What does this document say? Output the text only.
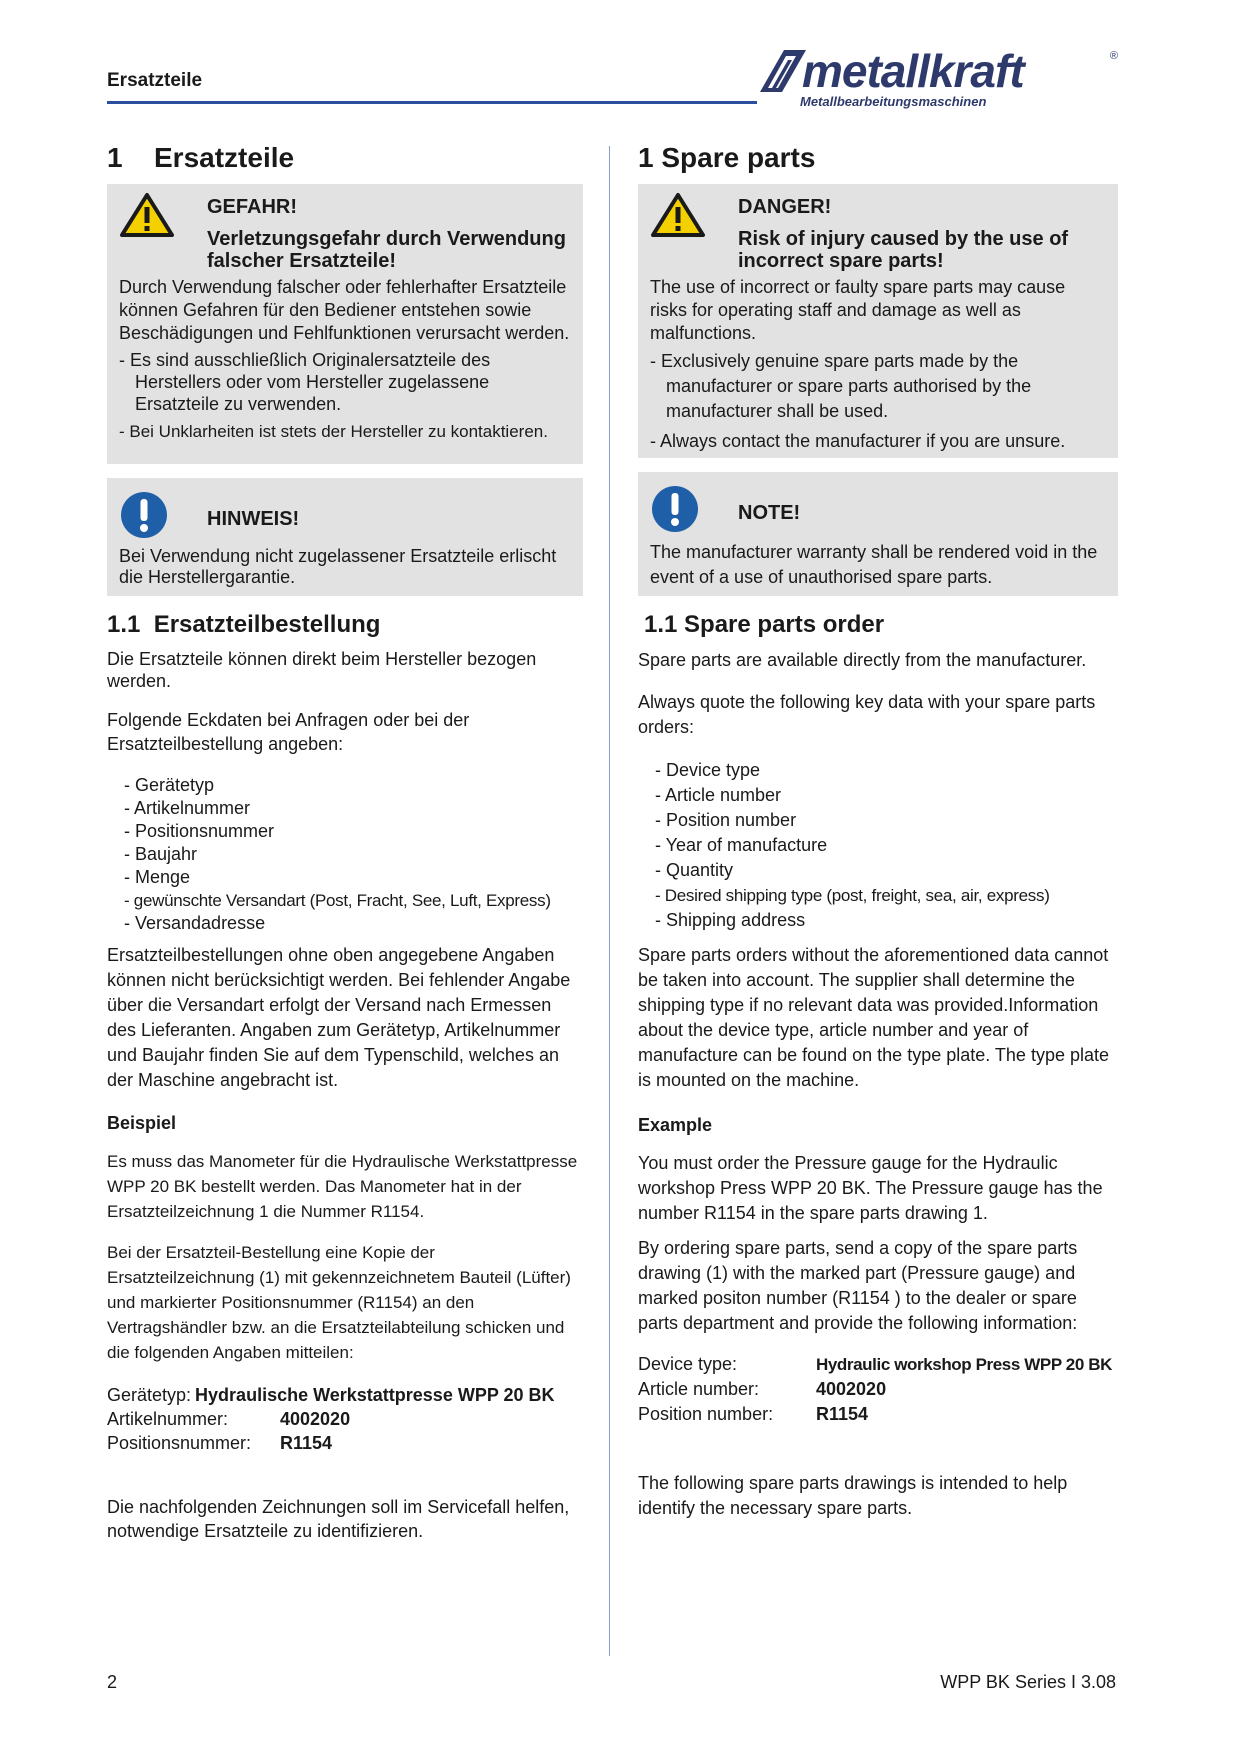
Ersatzteile	metallkraft	®
Metallbearbeitungsmaschinen
1 Ersatzteile
GEFAHR!
Verletzungsgefahr durch Verwendung falscher Ersatzteile!

Durch Verwendung falscher oder fehlerhafter Ersatzteile können Gefahren für den Bediener entstehen sowie Beschädigungen und Fehlfunktionen verursacht werden.

- Es sind ausschließlich Originalersatzteile des Herstellers oder vom Hersteller zugelassene Ersatzteile zu verwenden.
- Bei Unklarheiten ist stets der Hersteller zu kontaktieren.
HINWEIS!

Bei Verwendung nicht zugelassener Ersatzteile erlischt die Herstellergarantie.

1.1  Ersatzteilbestellung

Die Ersatzteile können direkt beim Hersteller bezogen werden.

Folgende Eckdaten bei Anfragen oder bei der Ersatzteilbestellung angeben:

- Gerätetyp
- Artikelnummer
- Positionsnummer
- Baujahr
- Menge
- gewünschte Versandart (Post, Fracht, See, Luft, Express)
- Versandadresse

Ersatzteilbestellungen ohne oben angegebene Angaben können nicht berücksichtigt werden. Bei fehlender Angabe über die Versandart erfolgt der Versand nach Ermessen des Lieferanten. Angaben zum Gerätetyp, Artikelnummer und Baujahr finden Sie auf dem Typenschild, welches an der Maschine angebracht ist.

Beispiel

Es muss das Manometer für die Hydraulische Werkstattpresse WPP 20 BK bestellt werden. Das Manometer hat in der Ersatzteilzeichnung 1 die Nummer R1154.

Bei der Ersatzteil-Bestellung eine Kopie der Ersatzteilzeichnung (1) mit gekennzeichnetem Bauteil (Lüfter) und markierter Positionsnummer (R1154) an den Vertragshändler bzw. an die Ersatzteilabteilung schicken und die folgenden Angaben mitteilen:

Gerätetyp: Hydraulische Werkstattpresse WPP 20 BK
Artikelnummer:	4002020
Positionsnummer:	R1154

Die nachfolgenden Zeichnungen soll im Servicefall helfen, notwendige Ersatzteile zu identifizieren.

1 Spare parts
DANGER!
Risk of injury caused by the use of incorrect spare parts!

The use of incorrect or faulty spare parts may cause risks for operating staff and damage as well as malfunctions.

- Exclusively genuine spare parts made by the manufacturer or spare parts authorised by the manufacturer shall be used.
- Always contact the manufacturer if you are unsure.
NOTE!

The manufacturer warranty shall be rendered void in the event of a use of unauthorised spare parts.

1.1 Spare parts order

Spare parts are available directly from the manufacturer.

Always quote the following key data with your spare parts orders:

- Device type
- Article number
- Position number
- Year of manufacture
- Quantity
- Desired shipping type (post, freight, sea, air, express)
- Shipping address

Spare parts orders without the aforementioned data cannot be taken into account. The supplier shall determine the shipping type if no relevant data was provided.Information about the device type, article number and year of manufacture can be found on the type plate. The type plate is mounted on the machine.

Example

You must order the Pressure gauge for the Hydraulic workshop Press WPP 20 BK. The Pressure gauge has the number R1154 in the spare parts drawing 1.

By ordering spare parts, send a copy of the spare parts drawing (1) with the marked part (Pressure gauge) and marked positon number (R1154 ) to the dealer or spare parts department and provide the following information:

Device type:	Hydraulic workshop Press WPP 20 BK
Article number:	4002020
Position number:	R1154

The following spare parts drawings is intended to help identify the necessary spare parts.

2	WPP BK Series I 3.08
